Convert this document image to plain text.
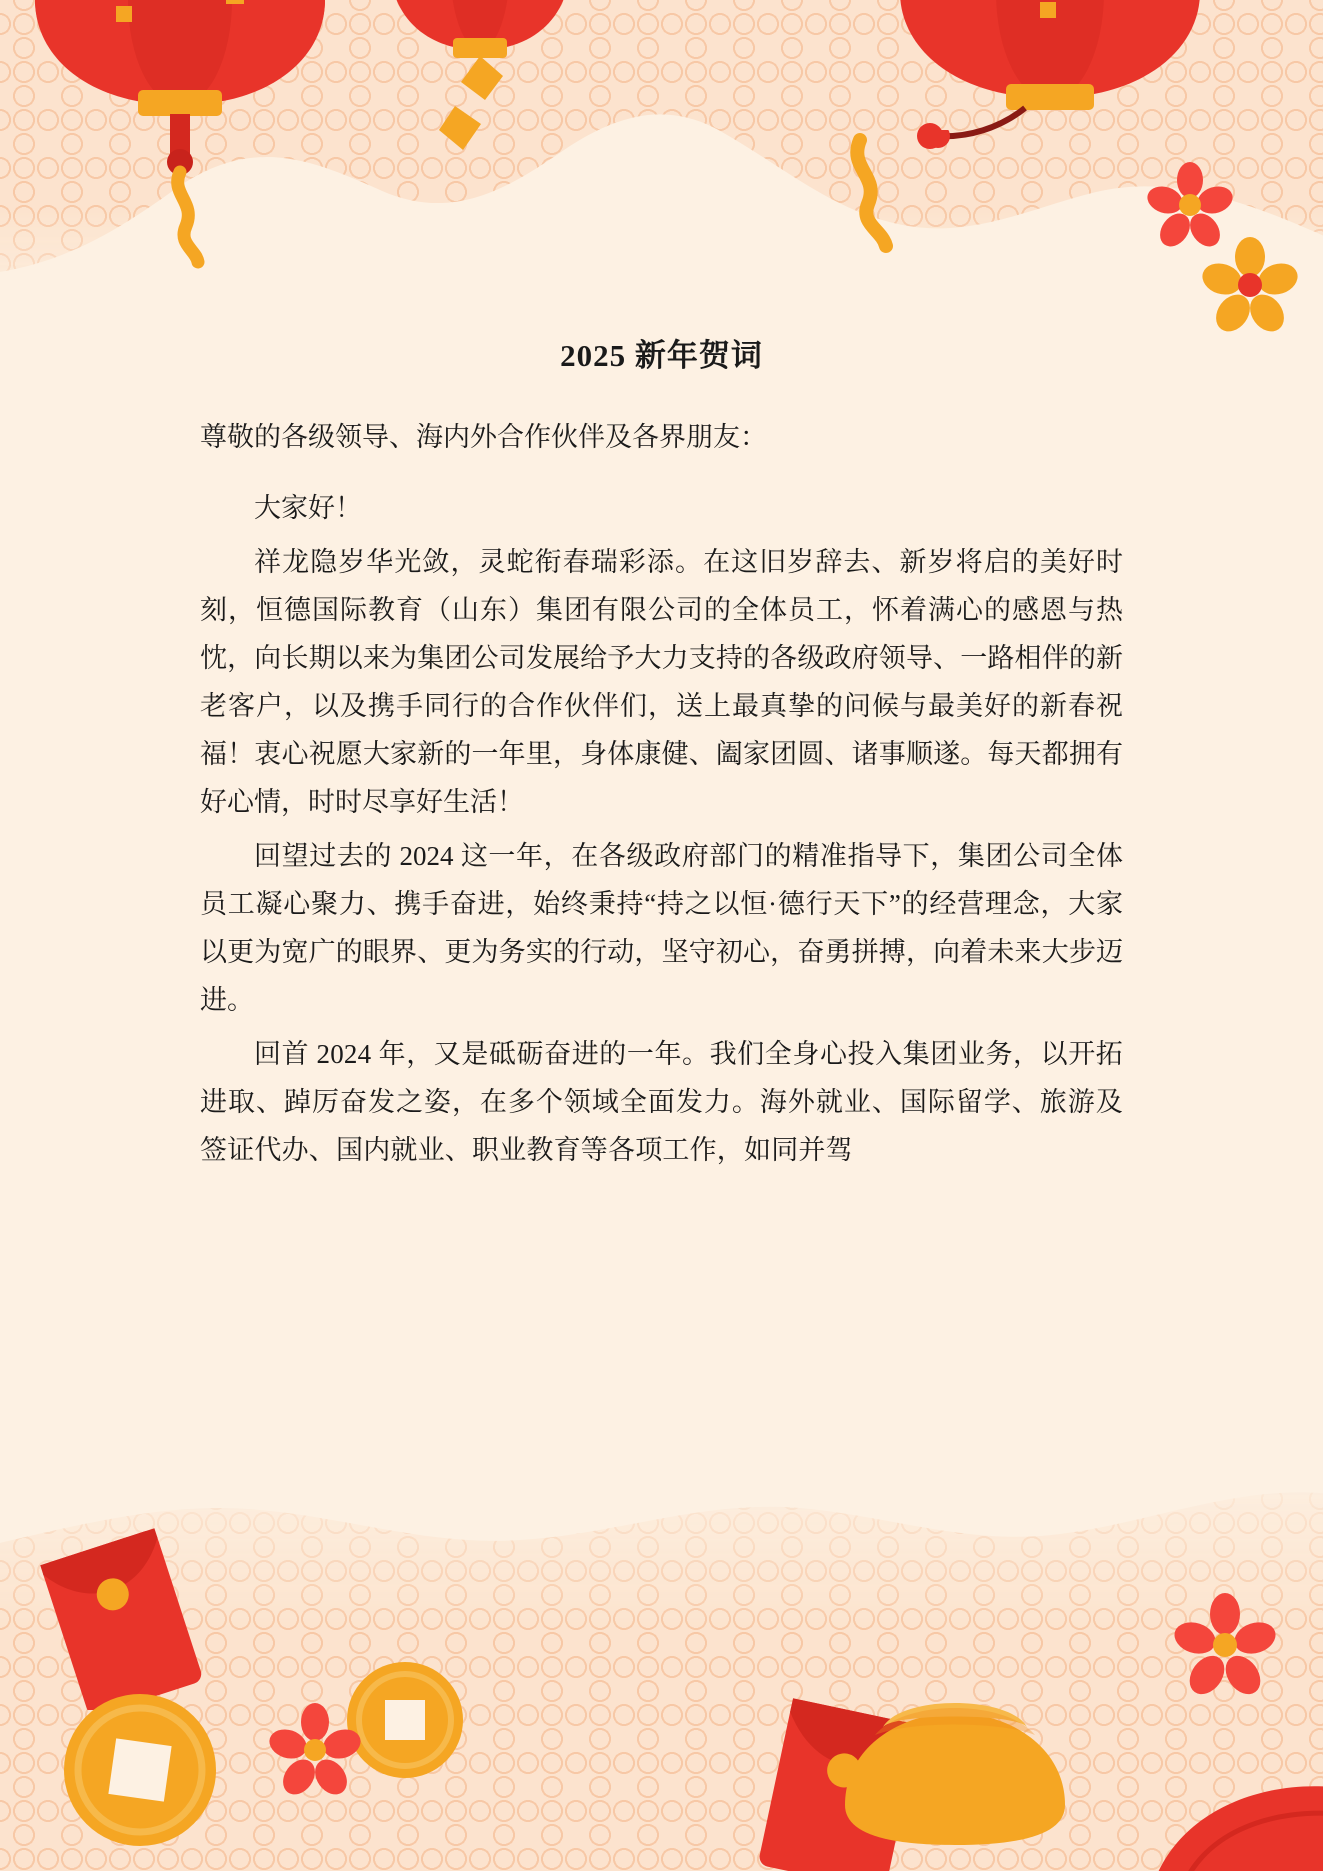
2025 新年贺词

尊敬的各级领导、海内外合作伙伴及各界朋友：

大家好！

祥龙隐岁华光敛，灵蛇衔春瑞彩添。在这旧岁辞去、新岁将启的美好时刻，恒德国际教育（山东）集团有限公司的全体员工，怀着满心的感恩与热忱，向长期以来为集团公司发展给予大力支持的各级政府领导、一路相伴的新老客户，以及携手同行的合作伙伴们，送上最真挚的问候与最美好的新春祝福！衷心祝愿大家新的一年里，身体康健、阖家团圆、诸事顺遂。每天都拥有好心情，时时尽享好生活！

回望过去的 2024 这一年，在各级政府部门的精准指导下，集团公司全体员工凝心聚力、携手奋进，始终秉持“持之以恒·德行天下”的经营理念，大家以更为宽广的眼界、更为务实的行动，坚守初心，奋勇拼搏，向着未来大步迈进。

回首 2024 年，又是砥砺奋进的一年。我们全身心投入集团业务，以开拓进取、踔厉奋发之姿，在多个领域全面发力。海外就业、国际留学、旅游及签证代办、国内就业、职业教育等各项工作，如同并驾
